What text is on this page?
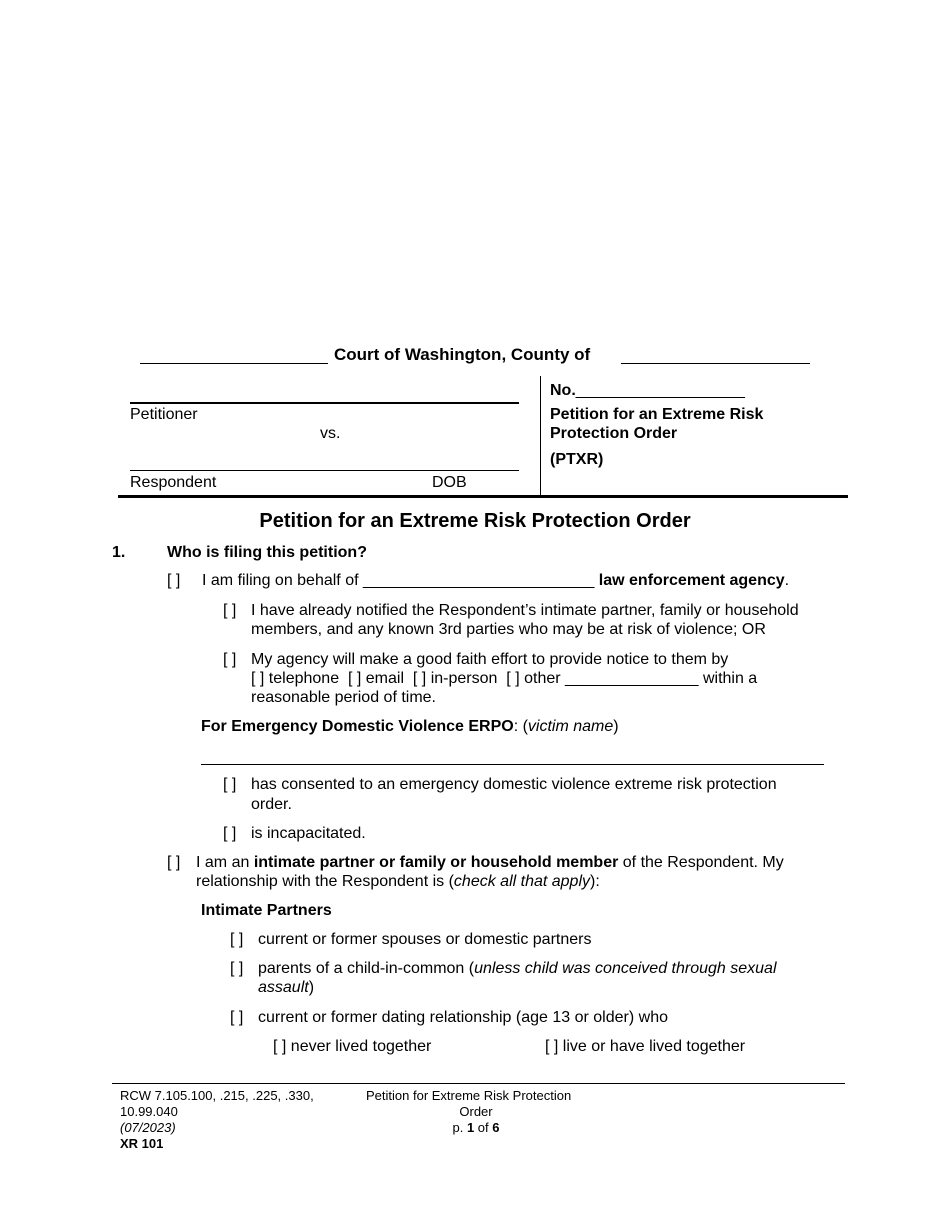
Court of Washington, County of
Petitioner
vs.
Respondent	DOB
No.___________________
Petition for an Extreme Risk
Protection Order
(PTXR)
Petition for an Extreme Risk Protection Order
1.	Who is filing this petition?
[ ] I am filing on behalf of __________________________ law enforcement agency.
[ ] I have already notified the Respondent’s intimate partner, family or household
members, and any known 3rd parties who may be at risk of violence; OR
[ ] My agency will make a good faith effort to provide notice to them by
[ ] telephone [ ] email [ ] in-person [ ] other _______________ within a
reasonable period of time.
For Emergency Domestic Violence ERPO: (victim name)
[ ] has consented to an emergency domestic violence extreme risk protection
order.
[ ] is incapacitated.
[ ] I am an intimate partner or family or household member of the Respondent. My
relationship with the Respondent is (check all that apply):
Intimate Partners
[ ] current or former spouses or domestic partners
[ ] parents of a child-in-common (unless child was conceived through sexual
assault)
[ ] current or former dating relationship (age 13 or older) who
[ ] never lived together	[ ] live or have lived together
RCW 7.105.100, .215, .225, .330,
10.99.040
(07/2023)
XR 101
Petition for Extreme Risk Protection
Order
p. 1 of 6
